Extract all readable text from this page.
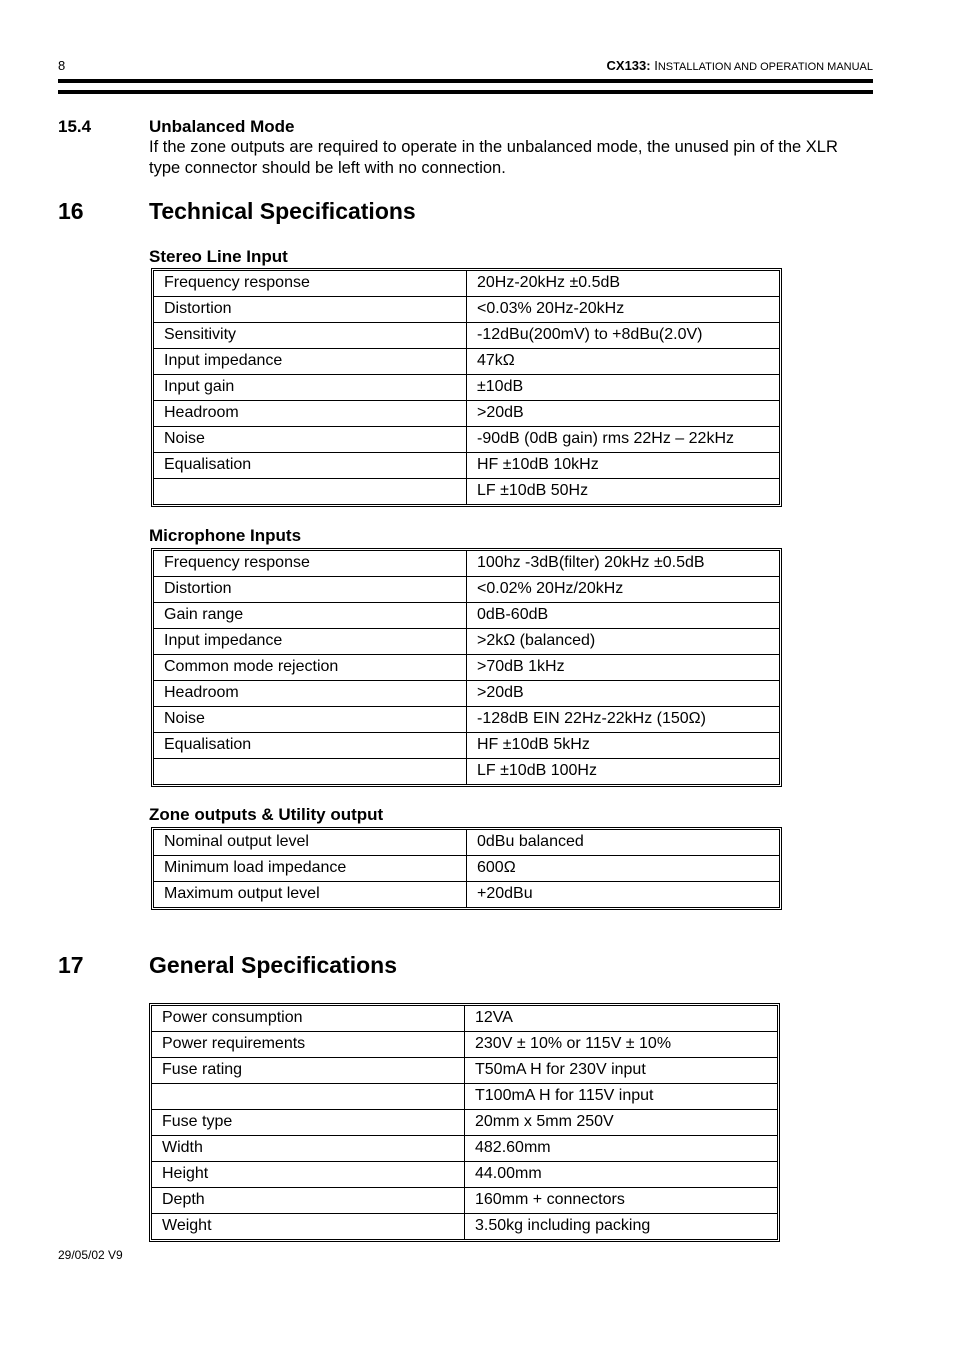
8	CX133: INSTALLATION AND OPERATION MANUAL
15.4	Unbalanced Mode
If the zone outputs are required to operate in the unbalanced mode, the unused pin of the XLR type connector should be left with no connection.
16	Technical Specifications
Stereo Line Input
Frequency response	20Hz-20kHz ±0.5dB
Distortion	<0.03% 20Hz-20kHz
Sensitivity	-12dBu(200mV) to +8dBu(2.0V)
Input impedance	47kΩ
Input gain	±10dB
Headroom	>20dB
Noise	-90dB (0dB gain) rms 22Hz – 22kHz
Equalisation	HF ±10dB 10kHz
	LF ±10dB 50Hz
Microphone Inputs
Frequency response	100hz -3dB(filter) 20kHz ±0.5dB
Distortion	<0.02% 20Hz/20kHz
Gain range	0dB-60dB
Input impedance	>2kΩ (balanced)
Common mode rejection	>70dB 1kHz
Headroom	>20dB
Noise	-128dB EIN 22Hz-22kHz (150Ω)
Equalisation	HF ±10dB 5kHz
	LF ±10dB 100Hz
Zone outputs & Utility output
Nominal output level	0dBu balanced
Minimum load impedance	600Ω
Maximum output level	+20dBu
17	General Specifications
Power consumption	12VA
Power requirements	230V ± 10% or 115V ± 10%
Fuse rating	T50mA H for 230V input
	T100mA H for 115V input
Fuse type	20mm x 5mm 250V
Width	482.60mm
Height	44.00mm
Depth	160mm + connectors
Weight	3.50kg including packing
29/05/02 V9
